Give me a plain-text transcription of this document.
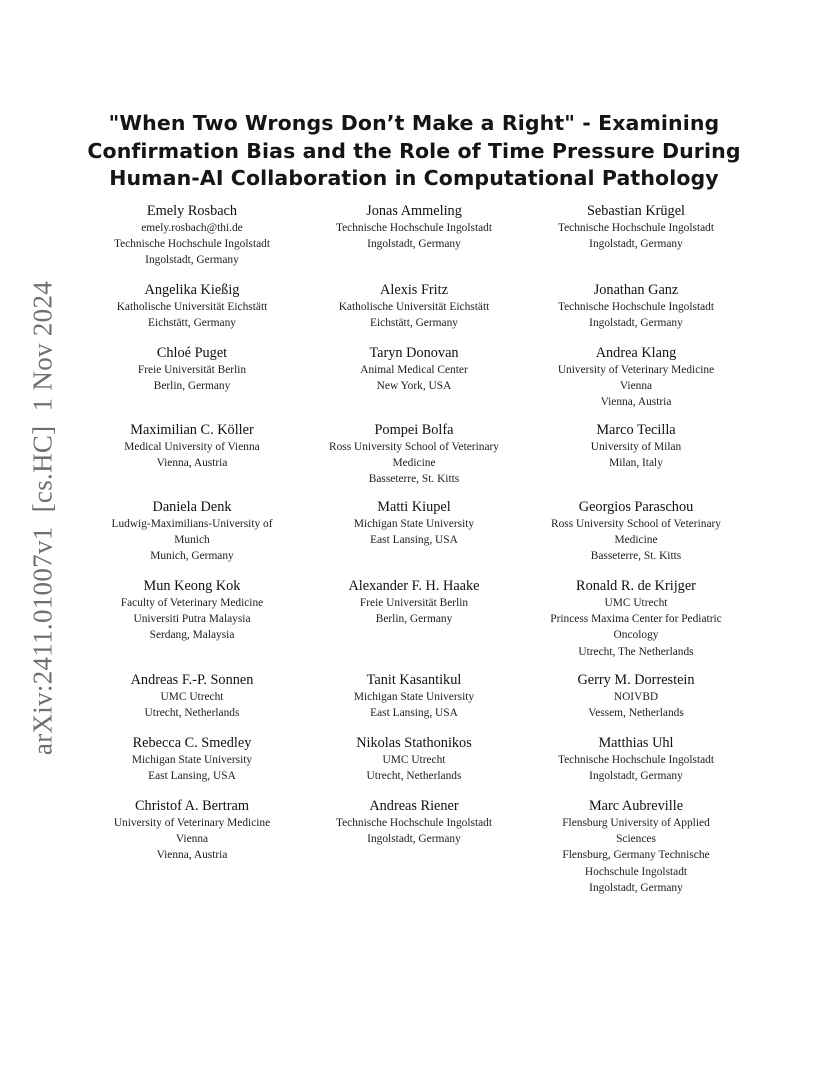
arXiv:2411.01007v1  [cs.HC]  1 Nov 2024
"When Two Wrongs Don’t Make a Right" - Examining
Confirmation Bias and the Role of Time Pressure During
Human-AI Collaboration in Computational Pathology
Emely Rosbach
emely.rosbach@thi.de
Technische Hochschule Ingolstadt
Ingolstadt, Germany
Jonas Ammeling
Technische Hochschule Ingolstadt
Ingolstadt, Germany
Sebastian Krügel
Technische Hochschule Ingolstadt
Ingolstadt, Germany
Angelika Kießig
Katholische Universität Eichstätt
Eichstätt, Germany
Alexis Fritz
Katholische Universität Eichstätt
Eichstätt, Germany
Jonathan Ganz
Technische Hochschule Ingolstadt
Ingolstadt, Germany
Chloé Puget
Freie Universität Berlin
Berlin, Germany
Taryn Donovan
Animal Medical Center
New York, USA
Andrea Klang
University of Veterinary Medicine
Vienna
Vienna, Austria
Maximilian C. Köller
Medical University of Vienna
Vienna, Austria
Pompei Bolfa
Ross University School of Veterinary
Medicine
Basseterre, St. Kitts
Marco Tecilla
University of Milan
Milan, Italy
Daniela Denk
Ludwig-Maximilians-University of
Munich
Munich, Germany
Matti Kiupel
Michigan State University
East Lansing, USA
Georgios Paraschou
Ross University School of Veterinary
Medicine
Basseterre, St. Kitts
Mun Keong Kok
Faculty of Veterinary Medicine
Universiti Putra Malaysia
Serdang, Malaysia
Alexander F. H. Haake
Freie Universität Berlin
Berlin, Germany
Ronald R. de Krijger
UMC Utrecht
Princess Maxima Center for Pediatric
Oncology
Utrecht, The Netherlands
Andreas F.-P. Sonnen
UMC Utrecht
Utrecht, Netherlands
Tanit Kasantikul
Michigan State University
East Lansing, USA
Gerry M. Dorrestein
NOIVBD
Vessem, Netherlands
Rebecca C. Smedley
Michigan State University
East Lansing, USA
Nikolas Stathonikos
UMC Utrecht
Utrecht, Netherlands
Matthias Uhl
Technische Hochschule Ingolstadt
Ingolstadt, Germany
Christof A. Bertram
University of Veterinary Medicine
Vienna
Vienna, Austria
Andreas Riener
Technische Hochschule Ingolstadt
Ingolstadt, Germany
Marc Aubreville
Flensburg University of Applied
Sciences
Flensburg, Germany Technische
Hochschule Ingolstadt
Ingolstadt, Germany
